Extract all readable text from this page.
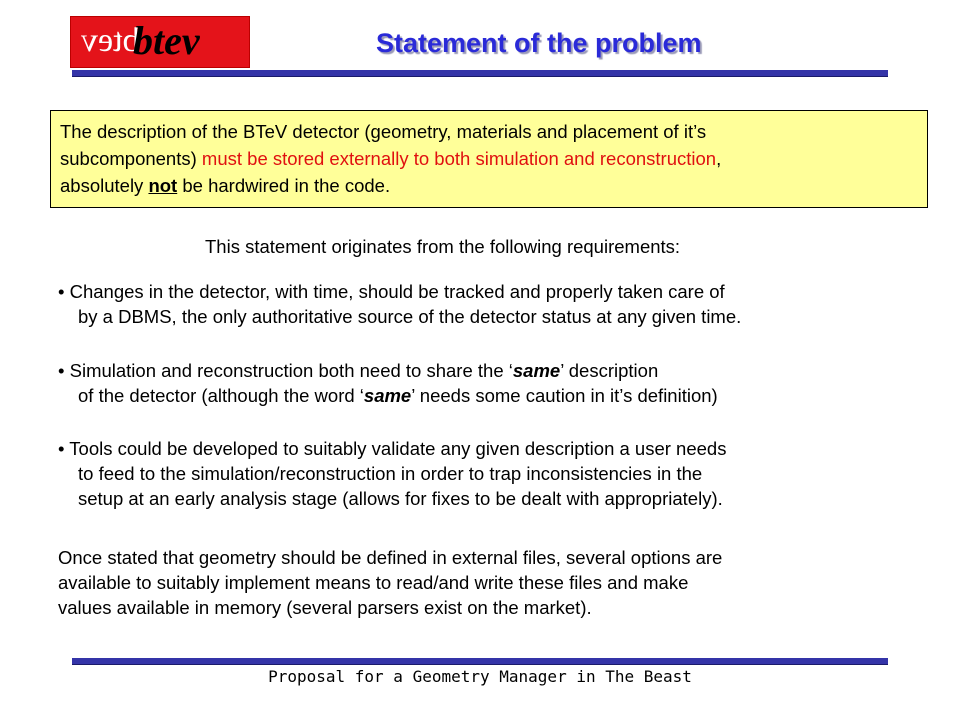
btev
btev	Statement of the problem
The description of the BTeV detector (geometry, materials and placement of it’s
subcomponents) must be stored externally to both simulation and reconstruction,
absolutely not be hardwired in the code.
This statement originates from the following requirements:
• Changes in the detector, with time, should be tracked and properly taken care of
by a DBMS, the only authoritative source of the detector status at any given time.
• Simulation and reconstruction both need to share the ‘same’ description
of the detector (although the word ‘same’ needs some caution in it’s definition)
• Tools could be developed to suitably validate any given description a user needs
to feed to the simulation/reconstruction in order to trap inconsistencies in the
setup at an early analysis stage (allows for fixes to be dealt with appropriately).
Once stated that geometry should be defined in external files, several options are
available to suitably implement means to read/and write these files and make
values available in memory (several parsers exist on the market).
Proposal for a Geometry Manager in The Beast
